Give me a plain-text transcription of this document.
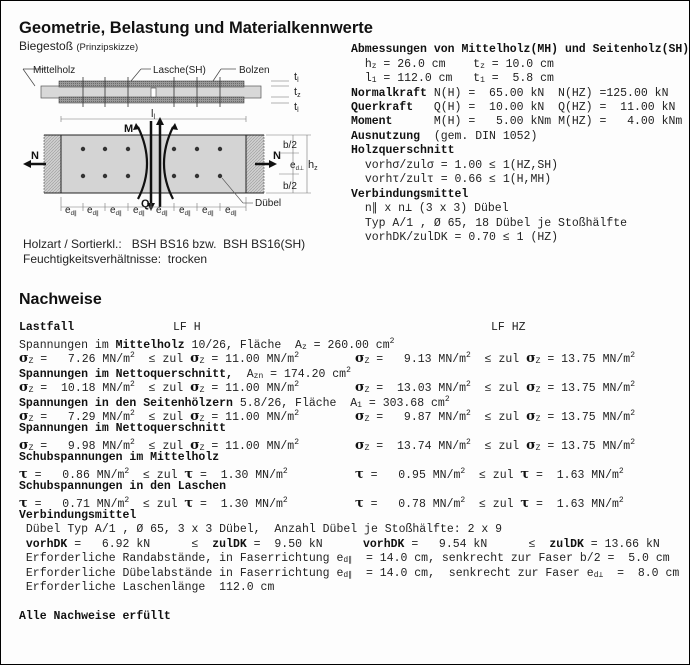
Geometrie, Belastung und Materialkennwerte
Biegestoß (Prinzipskizze)
Mittelholz	Lasche(SH)	Bolzen
tl
tz
tl
ll
M
Q
N	N
b/2
$e_{d\perp}$
b/2
hz
$e_{d\parallel}$ $e_{d\parallel}$ $e_{d\parallel}$ $e_{d\parallel}$ $e_{d\parallel}$ $e_{d\parallel}$ $e_{d\parallel}$ $e_{d\parallel}$
Dübel
Holzart / Sortierkl.: BSH BS16 bzw.  BSH BS16(SH)
Feuchtigkeitsverhältnisse: trocken
Abmessungen von Mittelholz(MH) und Seitenholz(SH)
hz = 26.0 cm    tz = 10.0 cm
l1 = 112.0 cm   t1 =  5.8 cm
Normalkraft N(H) =  65.00 kN  N(HZ) =125.00 kN
Querkraft Q(H) =  10.00 kN  Q(HZ) =  11.00 kN
Moment	M(H) =   5.00 kNm M(HZ) =   4.00 kNm
Ausnutzung (gem. DIN 1052)
Holzquerschnitt
vorhσ/zulσ = 1.00 ≤ 1(HZ,SH)
vorhτ/zulτ = 0.66 ≤ 1(H,MH)
Verbindungsmittel
n∥ x n⊥ (3 x 3) Dübel
Typ A/1 , Ø 65, 18 Dübel je Stoßhälfte
vorhDK/zulDK = 0.70 ≤ 1 (HZ)
Nachweise
Lastfall	LF H	LF HZ
Spannungen im Mittelholz 10/26, Fläche  Az = 260.00 $cm^2$
σZ =   7.26 $MN/m^2$  ≤ zul σZ = 11.00 $MN/m^2$	σZ =   9.13 $MN/m^2$  ≤ zul σZ = 13.75 $MN/m^2$
Spannungen im Nettoquerschnitt,  Azn = 174.20 $cm^2$
σZ =  10.18 $MN/m^2$  ≤ zul σZ = 11.00 $MN/m^2$	σZ =  13.03 $MN/m^2$  ≤ zul σZ = 13.75 $MN/m^2$
Spannungen in den Seitenhölzern 5.8/26, Fläche  A1 = 303.68 $cm^2$
σZ =   7.29 $MN/m^2$  ≤ zul σZ = 11.00 $MN/m^2$	σZ =   9.87 $MN/m^2$  ≤ zul σZ = 13.75 $MN/m^2$
Spannungen im Nettoquerschnitt
σZ =   9.98 $MN/m^2$  ≤ zul σZ = 11.00 $MN/m^2$	σZ =  13.74 $MN/m^2$  ≤ zul σZ = 13.75 $MN/m^2$
Schubspannungen im Mittelholz
τ =   0.86 $MN/m^2$  ≤ zul τ =  1.30 $MN/m^2$	τ =   0.95 $MN/m^2$  ≤ zul τ =  1.63 $MN/m^2$
Schubspannungen in den Laschen
τ =   0.71 $MN/m^2$  ≤ zul τ =  1.30 $MN/m^2$	τ =   0.78 $MN/m^2$  ≤ zul τ =  1.63 $MN/m^2$
Verbindungsmittel
Dübel Typ A/1 , Ø 65, 3 x 3 Dübel,  Anzahl Dübel je Stoßhälfte: 2 x 9
vorhDK =   6.92 kN      ≤  zulDK =  9.50 kN	vorhDK =   9.54 kN      ≤  zulDK = 13.66 kN
Erforderliche Randabstände, in Faserrichtung ed∥  = 14.0 cm, senkrecht zur Faser b/2 =  5.0 cm
Erforderliche Dübelabstände in Faserrichtung ed∥  = 14.0 cm,  senkrecht zur Faser ed⊥  =  8.0 cm
Erforderliche Laschenlänge  112.0 cm
Alle Nachweise erfüllt
